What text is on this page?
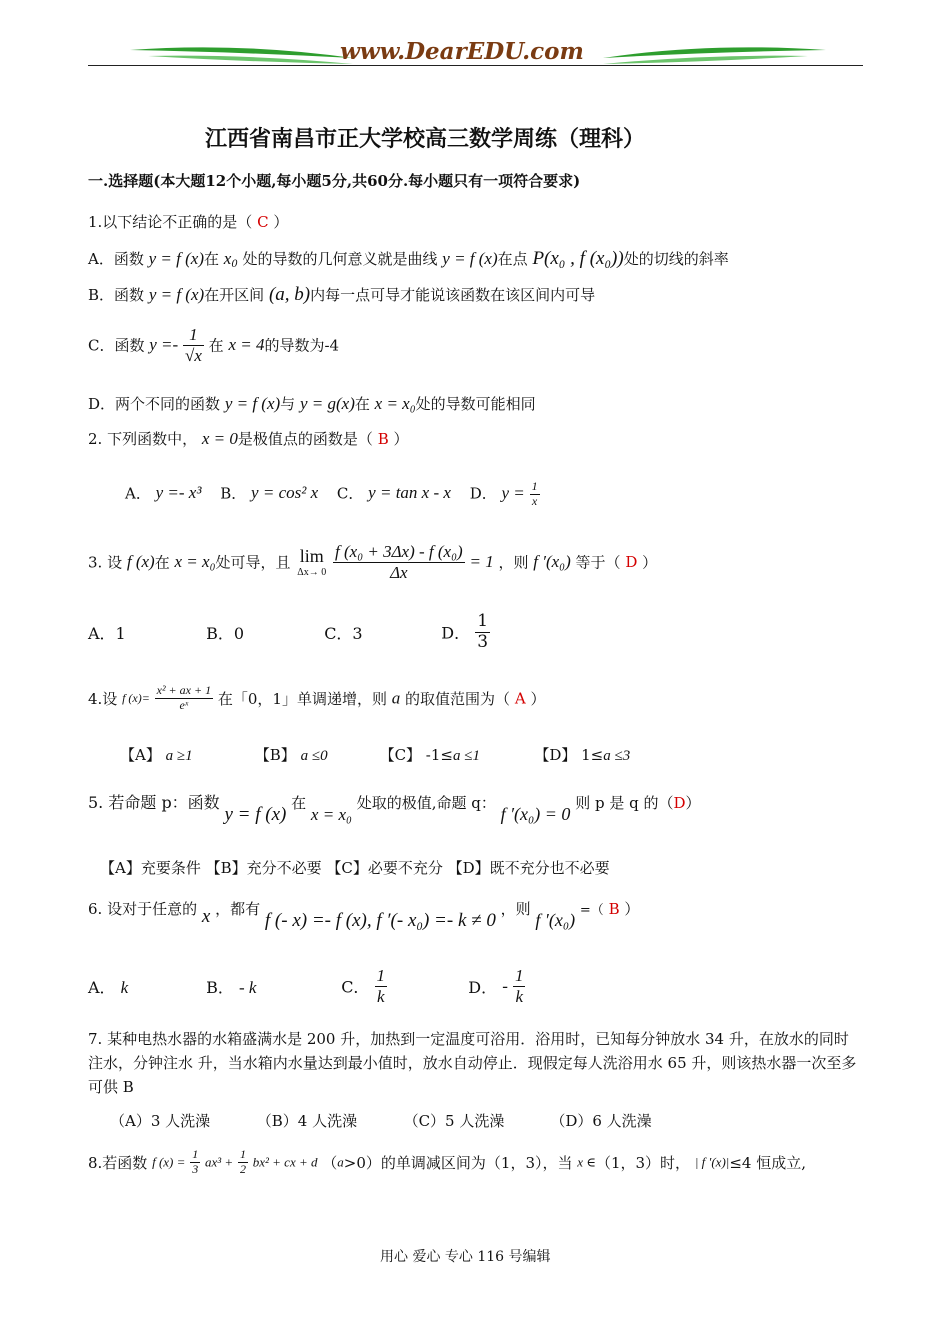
www.DearEDU.com
江西省南昌市正大学校高三数学周练（理科）
一.选择题(本大题12个小题,每小题5分,共60分.每小题只有一项符合要求)
1.以下结论不正确的是（ C ）
A．函数 y = f (x)在 $x_0$ 处的导数的几何意义就是曲线 y = f (x)在点 P(x₀ , f (x₀))处的切线的斜率
B．函数 y = f (x)在开区间 (a, b)内每一点可导才能说该函数在该区间内可导
C．函数 $y =- \frac{1}{√x}$ 在 x = 4的导数为-4
D．两个不同的函数 y = f (x)与 y = g(x)在 x = x₀处的导数可能相同
2. 下列函数中， x = 0是极值点的函数是（ B ）
A． y =- x³ B． y = cos² x C． y = tan x - x D． $y = \frac{1}{x}$
3. 设 f (x)在 x = x₀处可导，且 lim
Δx→ 0
$\frac{\text{f (x₀ + 3Δx) - f (x₀)}}{\Delta x} = 1$ ，则 f ′(x₀) 等于（ D ）
A．1	B．0	C．3	D． $\frac{1}{3}$
4.设 f $(x)= \frac{\text{x² + ax + 1}}{\text{eˣ}}$ 在「0，1」单调递增，则 a 的取值范围为（ A ）
【A】 a ≥1	【B】 a ≤0	【C】 -1≤a ≤1	【D】 1≤a ≤3
5. 若命题 p：函数 y = f (x) 在 x = x₀ 处取的极值,命题 q： f ′(x₀) = 0 则 p 是 q 的（D）
【A】充要条件 【B】充分不必要 【C】必要不充分 【D】既不充分也不必要
6. 设对于任意的 x ，都有 f (- x) =- f (x), f ′(- x₀) =- k ≠ 0 ，则 f ′(x₀) =（ B ）
A． k	B． - k	C． $\frac{1}{k}$	D． - $\frac{1}{k}$
7. 某种电热水器的水箱盛满水是 200 升，加热到一定温度可浴用．浴用时，已知每分钟放水 34 升，在放水的同时注水，分钟注水 升，当水箱内水量达到最小值时，放水自动停止．现假定每人洗浴用水 65 升，则该热水器一次至多可供 B
（A）3 人洗澡	（B）4 人洗澡	（C）5 人洗澡	（D）6 人洗澡
8.若函数 f $(x) = \frac{1}{3} ax^3 + \frac{1}{2} bx^2$ + cx + d （a>0）的单调减区间为（1，3），当 x ∈（1，3）时， | f ′(x)|≤4 恒成立,
用心 爱心 专心 116 号编辑
